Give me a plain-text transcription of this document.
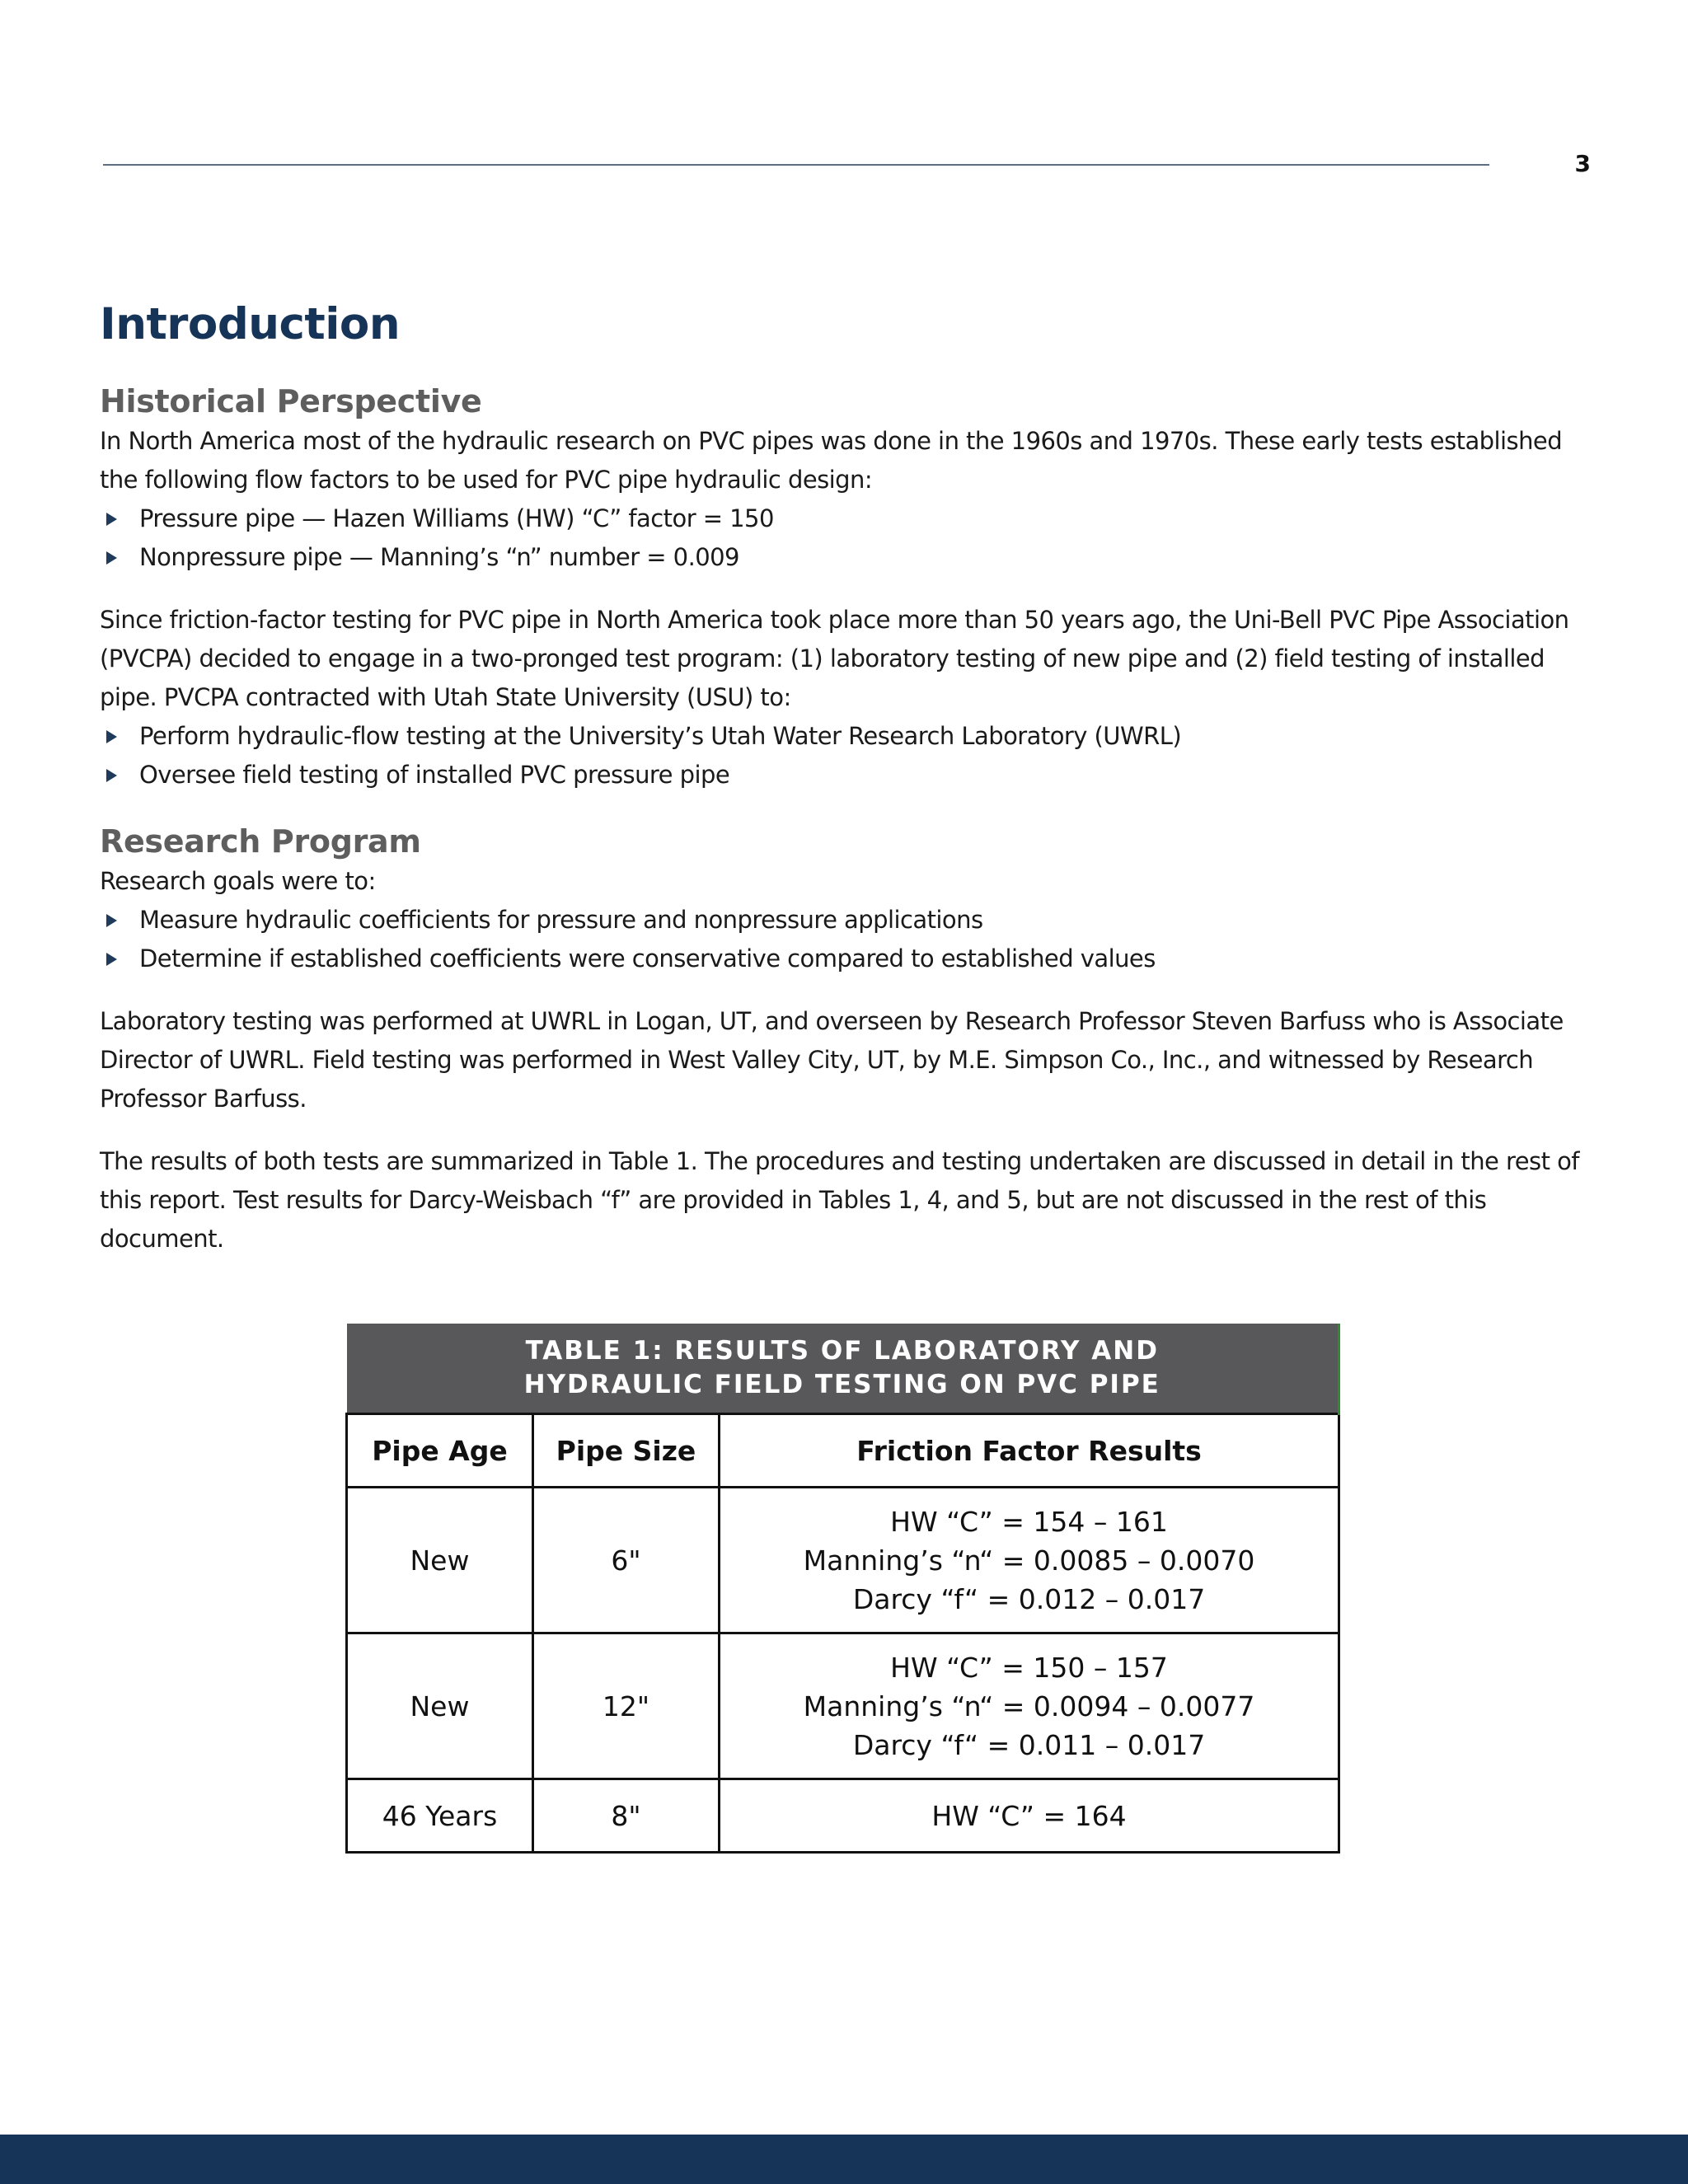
3
Introduction
Historical Perspective

In North America most of the hydraulic research on PVC pipes was done in the 1960s and 1970s. These early tests established the following flow factors to be used for PVC pipe hydraulic design:

Pressure pipe — Hazen Williams (HW) “C” factor = 150
Nonpressure pipe — Manning’s “n” number = 0.009

Since friction-factor testing for PVC pipe in North America took place more than 50 years ago, the Uni-Bell PVC Pipe Association (PVCPA) decided to engage in a two-pronged test program: (1) laboratory testing of new pipe and (2) field testing of installed pipe. PVCPA contracted with Utah State University (USU) to:

Perform hydraulic-flow testing at the University’s Utah Water Research Laboratory (UWRL)
Oversee field testing of installed PVC pressure pipe
Research Program

Research goals were to:

Measure hydraulic coefficients for pressure and nonpressure applications
Determine if established coefficients were conservative compared to established values

Laboratory testing was performed at UWRL in Logan, UT, and overseen by Research Professor Steven Barfuss who is Associate Director of UWRL. Field testing was performed in West Valley City, UT, by M.E. Simpson Co., Inc., and witnessed by Research Professor Barfuss.

The results of both tests are summarized in Table 1. The procedures and testing undertaken are discussed in detail in the rest of this report. Test results for Darcy-Weisbach “f” are provided in Tables 1, 4, and 5, but are not discussed in the rest of this document.

TABLE 1: RESULTS OF LABORATORY AND
HYDRAULIC FIELD TESTING ON PVC PIPE		

Pipe Age	Pipe Size	Friction Factor Results
New	6"	HW “C” = 154 – 161
Manning’s “n“ = 0.0085 – 0.0070
Darcy “f“ = 0.012 – 0.017

New	12"	HW “C” = 150 – 157
Manning’s “n“ = 0.0094 – 0.0077
Darcy “f“ = 0.011 – 0.017

46 Years	8"	HW “C” = 164
